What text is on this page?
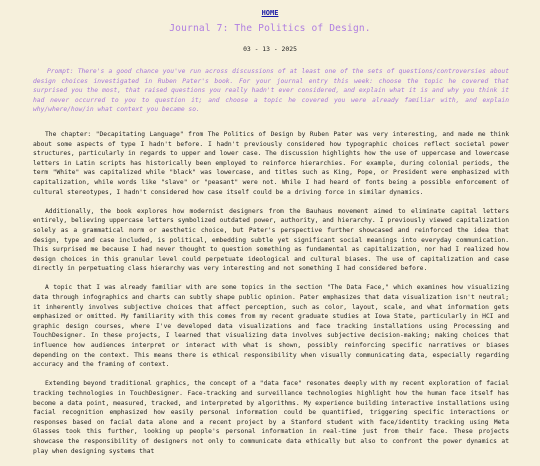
HOME
Journal 7: The Politics of Design.
03 - 13 - 2025

Prompt: There's a good chance you've run across discussions of at least one of the sets of questions/controversies about design choices investigated in Ruben Pater's book. For your journal entry this week: choose the topic he covered that surprised you the most, that raised questions you really hadn't ever considered, and explain what it is and why you think it had never occurred to you to question it; and choose a topic he covered you were already familiar with, and explain why/where/how/in what context you became so.

The chapter: "Decapitating Language" from The Politics of Design by Ruben Pater was very interesting, and made me think about some aspects of type I hadn't before. I hadn't previously considered how typographic choices reflect societal power structures, particularly in regards to upper and lower case. The discussion highlights how the use of uppercase and lowercase letters in Latin scripts has historically been employed to reinforce hierarchies. For example, during colonial periods, the term "White" was capitalized while "black" was lowercase, and titles such as King, Pope, or President were emphasized with capitalization, while words like "slave" or "peasant" were not. While I had heard of fonts being a possible enforcement of cultural stereotypes, I hadn't considered how case itself could be a driving force in similar dynamics.

Additionally, the book explores how modernist designers from the Bauhaus movement aimed to eliminate capital letters entirely, believing uppercase letters symbolized outdated power, authority, and hierarchy. I previously viewed capitalization solely as a grammatical norm or aesthetic choice, but Pater's perspective further showcased and reinforced the idea that design, type and case included, is political, embedding subtle yet significant social meanings into everyday communication. This surprised me because I had never thought to question something as fundamental as capitalization, nor had I realized how design choices in this granular level could perpetuate ideological and cultural biases. The use of capitalization and case directly in perpetuating class hierarchy was very interesting and not something I had considered before.

A topic that I was already familiar with are some topics in the section "The Data Face," which examines how visualizing data through infographics and charts can subtly shape public opinion. Pater emphasizes that data visualization isn't neutral; it inherently involves subjective choices that affect perception, such as color, layout, scale, and what information gets emphasized or omitted. My familiarity with this comes from my recent graduate studies at Iowa State, particularly in HCI and graphic design courses, where I've developed data visualizations and face tracking installations using Processing and TouchDesigner. In these projects, I learned that visualizing data involves subjective decision-making; making choices that influence how audiences interpret or interact with what is shown, possibly reinforcing specific narratives or biases depending on the context. This means there is ethical responsibility when visually communicating data, especially regarding accuracy and the framing of context.

Extending beyond traditional graphics, the concept of a "data face" resonates deeply with my recent exploration of facial tracking technologies in TouchDesigner. Face-tracking and surveillance technologies highlight how the human face itself has become a data point, measured, tracked, and interpreted by algorithms. My experience building interactive installations using facial recognition emphasized how easily personal information could be quantified, triggering specific interactions or responses based on facial data alone and a recent project by a Stanford student with face/identity tracking using Meta Glasses took this further, looking up people's personal information in real-time just from their face. These projects showcase the responsibility of designers not only to communicate data ethically but also to confront the power dynamics at play when designing systems that
